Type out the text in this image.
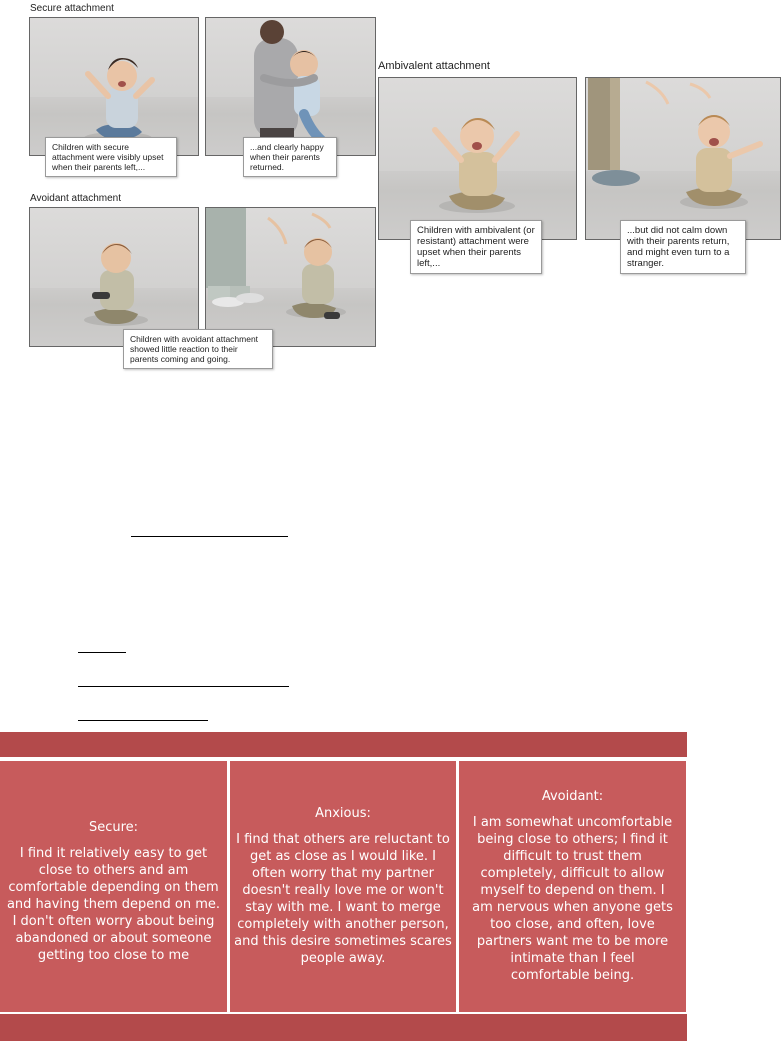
Secure attachment
Children with secure attachment were visibly upset when their parents left,...
...and clearly happy when their parents returned.
Avoidant attachment
Children with avoidant attachment showed little reaction to their parents coming and going.
Ambivalent attachment
Children with ambivalent (or resistant) attachment were upset when their parents left,...
...but did not calm down with their parents return, and might even turn to a stranger.
Secure:
I find it relatively easy to get close to others and am comfortable depending on them and having them depend on me. I don't often worry about being abandoned or about someone getting too close to me
Anxious:
I find that others are reluctant to get as close as I would like. I often worry that my partner doesn't really love me or won't stay with me. I want to merge completely with another person, and this desire sometimes scares people away.
Avoidant:
I am somewhat uncomfortable being close to others; I find it difficult to trust them completely, difficult to allow myself to depend on them. I am nervous when anyone gets too close, and often, love partners want me to be more intimate than I feel comfortable being.
